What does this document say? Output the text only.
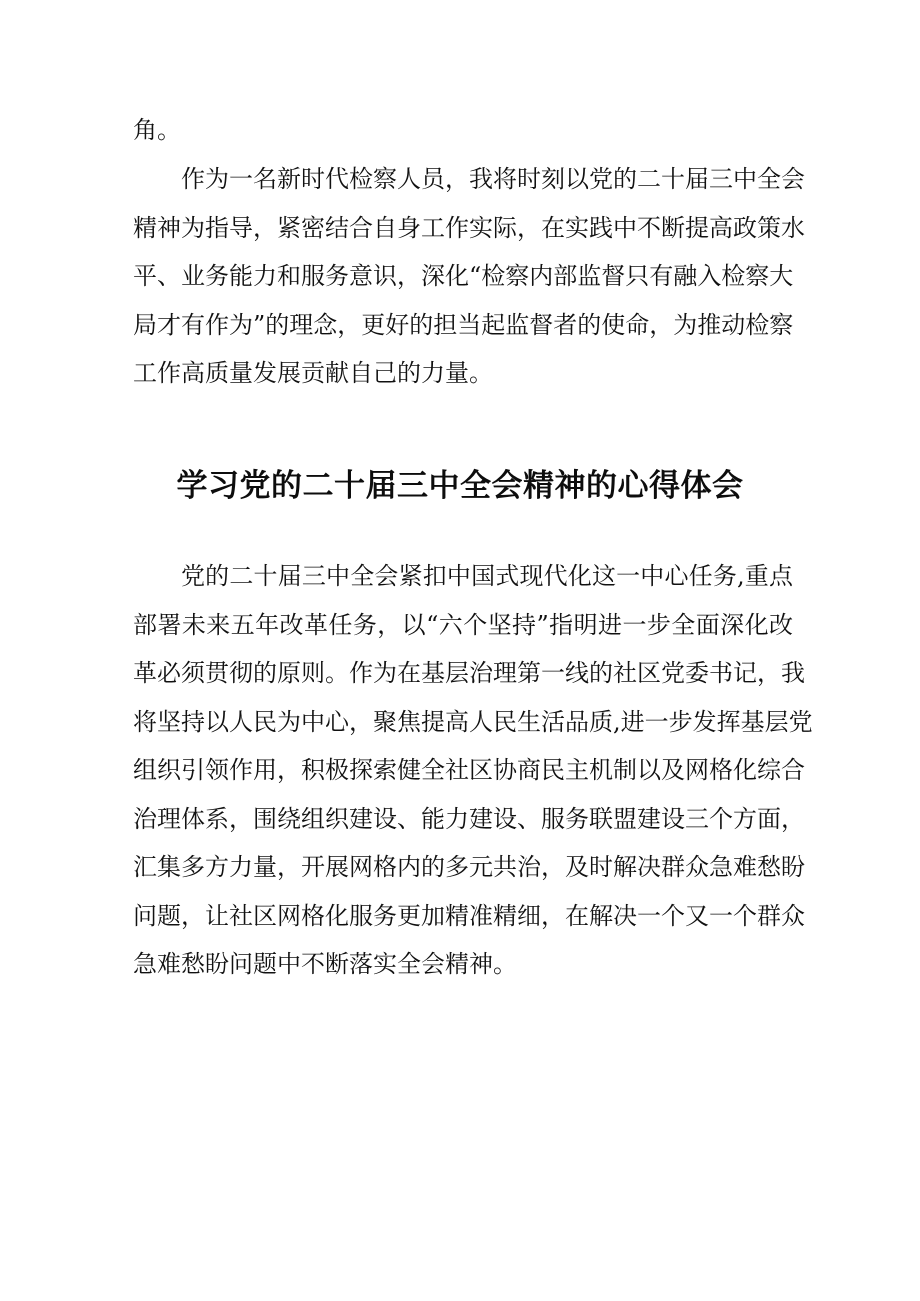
角。
作为一名新时代检察人员，我将时刻以党的二十届三中全会
精神为指导，紧密结合自身工作实际，在实践中不断提高政策水
平、业务能力和服务意识，深化“检察内部监督只有融入检察大
局才有作为”的理念，更好的担当起监督者的使命，为推动检察
工作高质量发展贡献自己的力量。
学习党的二十届三中全会精神的心得体会
党的二十届三中全会紧扣中国式现代化这一中心任务,重点
部署未来五年改革任务，以“六个坚持”指明进一步全面深化改
革必须贯彻的原则。作为在基层治理第一线的社区党委书记，我
将坚持以人民为中心，聚焦提高人民生活品质,进一步发挥基层党
组织引领作用，积极探索健全社区协商民主机制以及网格化综合
治理体系，围绕组织建设、能力建设、服务联盟建设三个方面，
汇集多方力量，开展网格内的多元共治，及时解决群众急难愁盼
问题，让社区网格化服务更加精准精细，在解决一个又一个群众
急难愁盼问题中不断落实全会精神。
